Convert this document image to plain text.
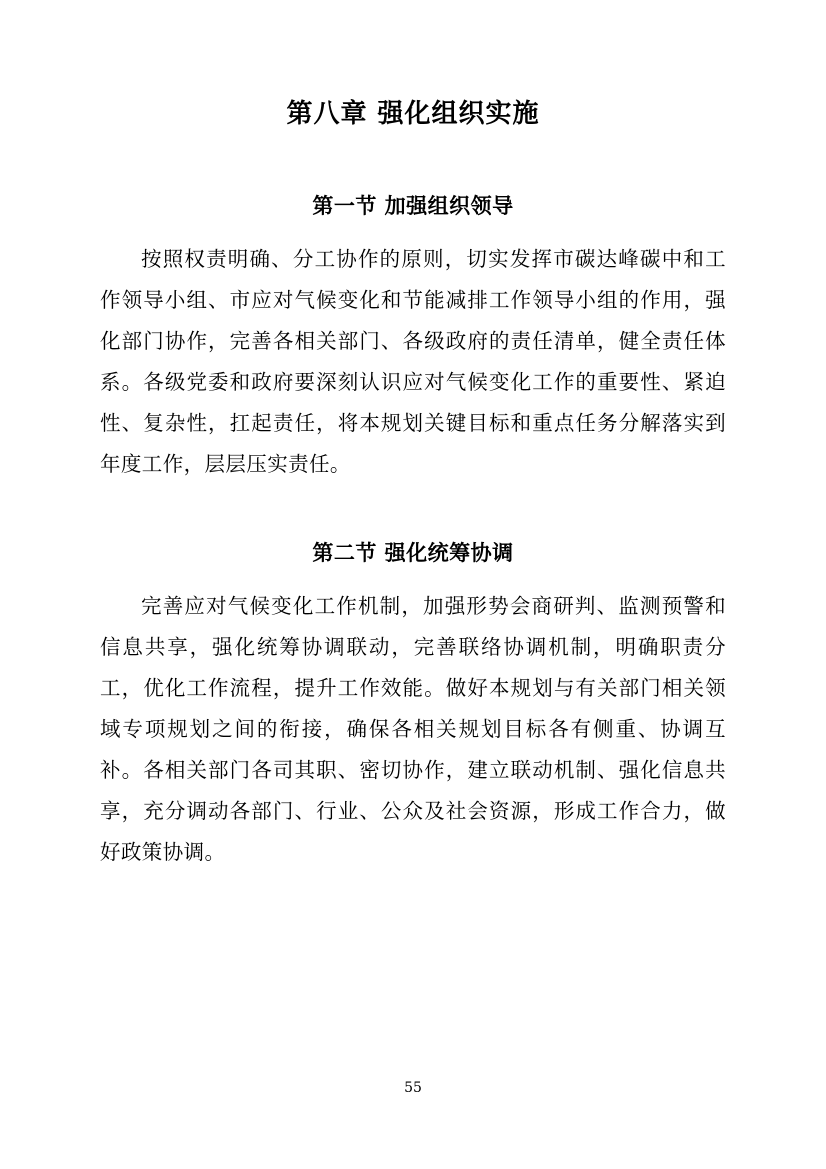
第八章 强化组织实施
第一节 加强组织领导

按照权责明确、分工协作的原则，切实发挥市碳达峰碳中和工作领导小组、市应对气候变化和节能减排工作领导小组的作用，强化部门协作，完善各相关部门、各级政府的责任清单，健全责任体系。各级党委和政府要深刻认识应对气候变化工作的重要性、紧迫性、复杂性，扛起责任，将本规划关键目标和重点任务分解落实到年度工作，层层压实责任。

第二节 强化统筹协调

完善应对气候变化工作机制，加强形势会商研判、监测预警和信息共享，强化统筹协调联动，完善联络协调机制，明确职责分工，优化工作流程，提升工作效能。做好本规划与有关部门相关领域专项规划之间的衔接，确保各相关规划目标各有侧重、协调互补。各相关部门各司其职、密切协作，建立联动机制、强化信息共享，充分调动各部门、行业、公众及社会资源，形成工作合力，做好政策协调。

55
